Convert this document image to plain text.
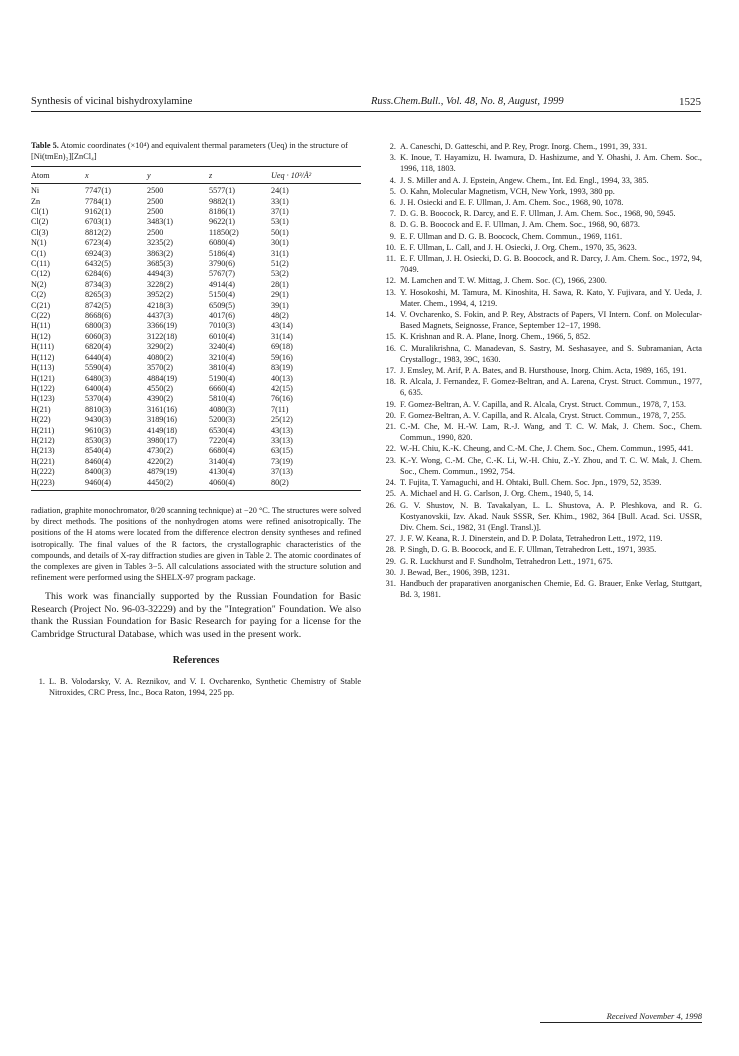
Synthesis of vicinal bishydroxylamine	Russ.Chem.Bull., Vol. 48, No. 8, August, 1999	1525
Table 5. Atomic coordinates (×10⁴) and equivalent thermal parameters (Ueq) in the structure of [Ni(tmEn)₂][ZnCl₄]
Atom	x	y	z	Ueq · 10³/Å²
Ni	7747(1)	2500	5577(1)	24(1)
Zn	7784(1)	2500	9882(1)	33(1)
Cl(1)	9162(1)	2500	8186(1)	37(1)
Cl(2)	6703(1)	3483(1)	9622(1)	53(1)
Cl(3)	8812(2)	2500	11850(2)	50(1)
N(1)	6723(4)	3235(2)	6080(4)	30(1)
C(1)	6924(3)	3863(2)	5186(4)	31(1)
C(11)	6432(5)	3685(3)	3790(6)	51(2)
C(12)	6284(6)	4494(3)	5767(7)	53(2)
N(2)	8734(3)	3228(2)	4914(4)	28(1)
C(2)	8265(3)	3952(2)	5150(4)	29(1)
C(21)	8742(5)	4218(3)	6509(5)	39(1)
C(22)	8668(6)	4437(3)	4017(6)	48(2)
H(11)	6800(3)	3366(19)	7010(3)	43(14)
H(12)	6060(3)	3122(18)	6010(4)	31(14)
H(111)	6820(4)	3290(2)	3240(4)	69(18)
H(112)	6440(4)	4080(2)	3210(4)	59(16)
H(113)	5590(4)	3570(2)	3810(4)	83(19)
H(121)	6480(3)	4884(19)	5190(4)	40(13)
H(122)	6400(4)	4550(2)	6660(4)	42(15)
H(123)	5370(4)	4390(2)	5810(4)	76(16)
H(21)	8810(3)	3161(16)	4080(3)	7(11)
H(22)	9430(3)	3189(16)	5200(3)	25(12)
H(211)	9610(3)	4149(18)	6530(4)	43(13)
H(212)	8530(3)	3980(17)	7220(4)	33(13)
H(213)	8540(4)	4730(2)	6680(4)	63(15)
H(221)	8460(4)	4220(2)	3140(4)	73(19)
H(222)	8400(3)	4879(19)	4130(4)	37(13)
H(223)	9460(4)	4450(2)	4060(4)	80(2)
radiation, graphite monochromator, θ/2θ scanning technique) at −20 °C. The structures were solved by direct methods. The positions of the nonhydrogen atoms were refined anisotropically. The positions of the H atoms were located from the difference electron density syntheses and refined isotropically. The final values of the R factors, the crystallographic characteristics of the compounds, and details of X-ray diffraction studies are given in Table 2. The atomic coordinates of the complexes are given in Tables 3−5. All calculations associated with the structure solution and refinement were performed using the SHELX-97 program package.
This work was financially supported by the Russian Foundation for Basic Research (Project No. 96-03-32229) and by the "Integration" Foundation. We also thank the Russian Foundation for Basic Research for paying for a license for the Cambridge Structural Database, which was used in the present work.
References
1. L. B. Volodarsky, V. A. Reznikov, and V. I. Ovcharenko, Synthetic Chemistry of Stable Nitroxides, CRC Press, Inc., Boca Raton, 1994, 225 pp.
2. A. Caneschi, D. Gatteschi, and P. Rey, Progr. Inorg. Chem., 1991, 39, 331.
3. K. Inoue, T. Hayamizu, H. Iwamura, D. Hashizume, and Y. Ohashi, J. Am. Chem. Soc., 1996, 118, 1803.
4. J. S. Miller and A. J. Epstein, Angew. Chem., Int. Ed. Engl., 1994, 33, 385.
5. O. Kahn, Molecular Magnetism, VCH, New York, 1993, 380 pp.
6. J. H. Osiecki and E. F. Ullman, J. Am. Chem. Soc., 1968, 90, 1078.
7. D. G. B. Boocock, R. Darcy, and E. F. Ullman, J. Am. Chem. Soc., 1968, 90, 5945.
8. D. G. B. Boocock and E. F. Ullman, J. Am. Chem. Soc., 1968, 90, 6873.
9. E. F. Ullman and D. G. B. Boocock, Chem. Commun., 1969, 1161.
10. E. F. Ullman, L. Call, and J. H. Osiecki, J. Org. Chem., 1970, 35, 3623.
11. E. F. Ullman, J. H. Osiecki, D. G. B. Boocock, and R. Darcy, J. Am. Chem. Soc., 1972, 94, 7049.
12. M. Lamchen and T. W. Mittag, J. Chem. Soc. (C), 1966, 2300.
13. Y. Hosokoshi, M. Tamura, M. Kinoshita, H. Sawa, R. Kato, Y. Fujivara, and Y. Ueda, J. Mater. Chem., 1994, 4, 1219.
14. V. Ovcharenko, S. Fokin, and P. Rey, Abstracts of Papers, VI Intern. Conf. on Molecular-Based Magnets, Seignosse, France, September 12−17, 1998.
15. K. Krishnan and R. A. Plane, Inorg. Chem., 1966, 5, 852.
16. C. Muralikrishna, C. Manadevan, S. Sastry, M. Seshasayee, and S. Subramanian, Acta Crystallogr., 1983, 39C, 1630.
17. J. Emsley, M. Arif, P. A. Bates, and B. Hursthouse, Inorg. Chim. Acta, 1989, 165, 191.
18. R. Alcala, J. Fernandez, F. Gomez-Beltran, and A. Larena, Cryst. Struct. Commun., 1977, 6, 635.
19. F. Gomez-Beltran, A. V. Capilla, and R. Alcala, Cryst. Struct. Commun., 1978, 7, 153.
20. F. Gomez-Beltran, A. V. Capilla, and R. Alcala, Cryst. Struct. Commun., 1978, 7, 255.
21. C.-M. Che, M. H.-W. Lam, R.-J. Wang, and T. C. W. Mak, J. Chem. Soc., Chem. Commun., 1990, 820.
22. W.-H. Chiu, K.-K. Cheung, and C.-M. Che, J. Chem. Soc., Chem. Commun., 1995, 441.
23. K.-Y. Wong, C.-M. Che, C.-K. Li, W.-H. Chiu, Z.-Y. Zhou, and T. C. W. Mak, J. Chem. Soc., Chem. Commun., 1992, 754.
24. T. Fujita, T. Yamaguchi, and H. Ohtaki, Bull. Chem. Soc. Jpn., 1979, 52, 3539.
25. A. Michael and H. G. Carlson, J. Org. Chem., 1940, 5, 14.
26. G. V. Shustov, N. B. Tavakalyan, L. L. Shustova, A. P. Pleshkova, and R. G. Kostyanovskii, Izv. Akad. Nauk SSSR, Ser. Khim., 1982, 364 [Bull. Acad. Sci. USSR, Div. Chem. Sci., 1982, 31 (Engl. Transl.)].
27. J. F. W. Keana, R. J. Dinerstein, and D. P. Dolata, Tetrahedron Lett., 1972, 119.
28. P. Singh, D. G. B. Boocock, and E. F. Ullman, Tetrahedron Lett., 1971, 3935.
29. G. R. Luckhurst and F. Sundholm, Tetrahedron Lett., 1971, 675.
30. J. Bewad, Ber., 1906, 39B, 1231.
31. Handbuch der praparativen anorganischen Chemie, Ed. G. Brauer, Enke Verlag, Stuttgart, Bd. 3, 1981.
Received November 4, 1998
